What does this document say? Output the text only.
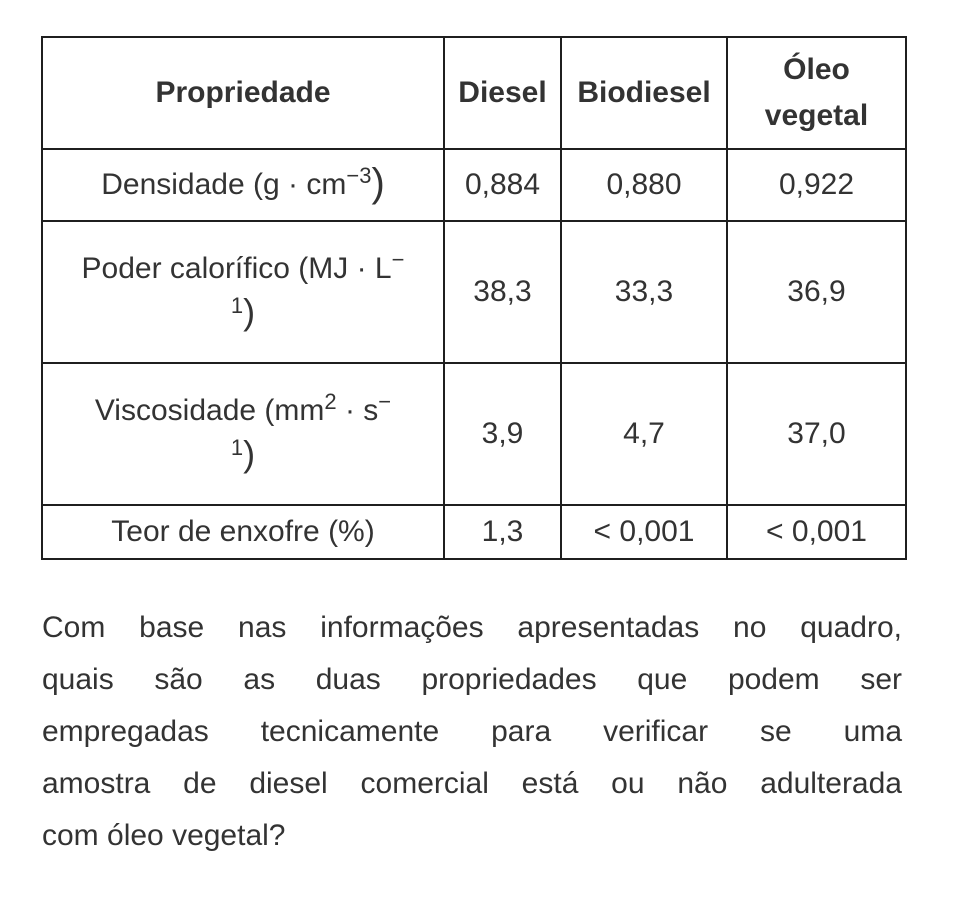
Propriedade	Diesel	Biodiesel	Óleo
vegetal

Densidade $(g \cdot cm^{-3})$	0,884	0,880	0,922

Poder calorífico (MJ · L−
$^1$)	38,3	33,3	36,9

Viscosidade ($mm^2 \cdot s^-$
$^1$)	3,9	4,7	37,0
Teor de enxofre (%)	1,3	< 0,001	< 0,001
Com base nas informações apresentadas no quadro,
quais são as duas propriedades que podem ser
empregadas tecnicamente para verificar se uma
amostra de diesel comercial está ou não adulterada
com óleo vegetal?
